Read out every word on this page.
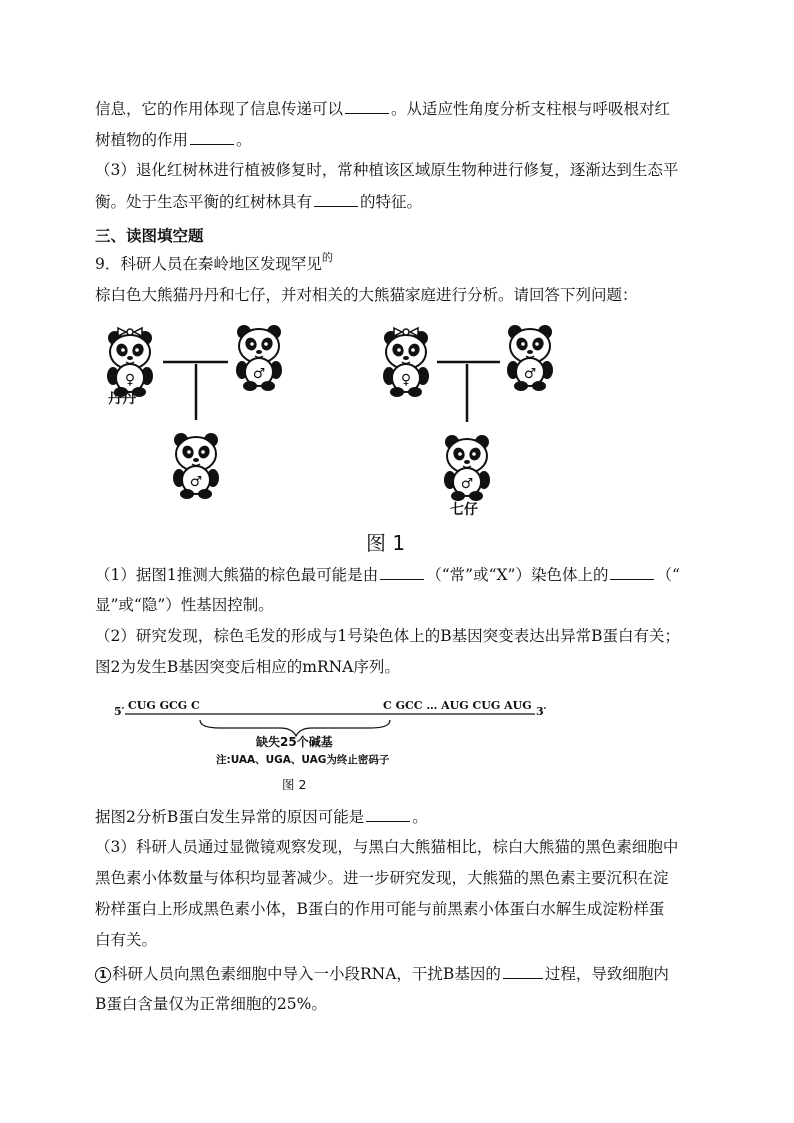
信息，它的作用体现了信息传递可以	。从适应性角度分析支柱根与呼吸根对红
树植物的作用	。
（3）退化红树林进行植被修复时，常种植该区域原生物种进行修复，逐渐达到生态平
衡。处于生态平衡的红树林具有	的特征。
三、读图填空题
9．科研人员在秦岭地区发现罕见$^的$
棕白色大熊猫丹丹和七仔，并对相关的大熊猫家庭进行分析。请回答下列问题：
♀	♂
♂
♀	♂
♂
丹丹
七仔
图 1
（1）据图1推测大熊猫的棕色最可能是由	（“常”或“X”）染色体上的	（“
显”或“隐”）性基因控制。
（2）研究发现，棕色毛发的形成与1号染色体上的B基因突变表达出异常B蛋白有关；
图2为发生B基因突变后相应的mRNA序列。
5′ CUG GCG C	C GCC … AUG CUG AUG 3′
缺失25个碱基
注:UAA、UGA、UAG为终止密码子
图 2
据图2分析B蛋白发生异常的原因可能是	。
（3）科研人员通过显微镜观察发现，与黑白大熊猫相比，棕白大熊猫的黑色素细胞中
黑色素小体数量与体积均显著减少。进一步研究发现，大熊猫的黑色素主要沉积在淀
粉样蛋白上形成黑色素小体，B蛋白的作用可能与前黑素小体蛋白水解生成淀粉样蛋
白有关。
1 科研人员向黑色素细胞中导入一小段RNA，干扰B基因的	过程，导致细胞内
B蛋白含量仅为正常细胞的25%。
